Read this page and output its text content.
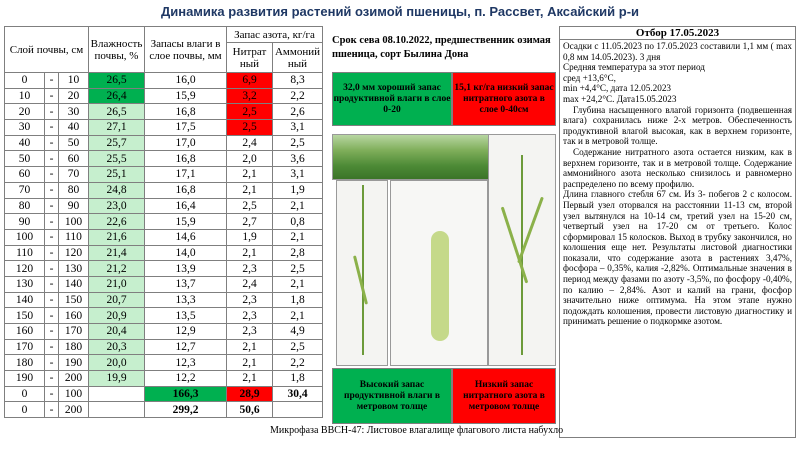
Динамика развития растений озимой пшеницы, п. Рассвет, Аксайский р-и
Слой почвы, см			Влажность почвы, %	Запасы влаги в слое почвы, мм	Запас азота, кг/га	
					Нитрат ный	Аммоний ный
0	-	10	26,5	16,0	6,9	8,3
10	-	20	26,4	15,9	3,2	2,2
20	-	30	26,5	16,8	2,5	2,6
30	-	40	27,1	17,5	2,5	3,1
40	-	50	25,7	17,0	2,4	2,5
50	-	60	25,5	16,8	2,0	3,6
60	-	70	25,1	17,1	2,1	3,1
70	-	80	24,8	16,8	2,1	1,9
80	-	90	23,0	16,4	2,5	2,1
90	-	100	22,6	15,9	2,7	0,8
100	-	110	21,6	14,6	1,9	2,1
110	-	120	21,4	14,0	2,1	2,8
120	-	130	21,2	13,9	2,3	2,5
130	-	140	21,0	13,7	2,4	2,1
140	-	150	20,7	13,3	2,3	1,8
150	-	160	20,9	13,5	2,3	2,1
160	-	170	20,4	12,9	2,3	4,9
170	-	180	20,3	12,7	2,1	2,5
180	-	190	20,0	12,3	2,1	2,2
190	-	200	19,9	12,2	2,1	1,8
0	-	100		166,3	28,9	30,4
0	-	200		299,2	50,6	
Срок сева 08.10.2022, предшественник озимая пшеница, сорт Былина Дона
32,0 мм хороший запас продуктивной влаги в слое 0-20
15,1 кг/га низкий запас нитратного азота в слое 0-40см
Высокий запас продуктивной влаги в метровом толще
Низкий запас нитратного азота в метровом толще
Отбор 17.05.2023

Осадки с 11.05.2023 по 17.05.2023 составили 1,1 мм ( max 0,8 мм 14.05.2023). 3 дня

Средняя температура за этот период

сред +13,6°С,

min +4,4°С, дата 12.05.2023

max +24,2°С. Дата15.05.2023

Глубина насыщенного влагой горизонта (подвешенная влага) сохранилась ниже 2-х метров. Обеспеченность продуктивной влагой высокая, как в верхнем горизонте, так и в метровой толще.

Содержание нитратного азота остается низким, как в верхнем горизонте, так и в метровой толще. Содержание аммонийного азота несколько снизилось и равномерно распределено по всему профилю.

Длина главного стебля 67 см. Из 3- побегов 2 с колосом. Первый узел оторвался на расстоянии 11-13 см, второй узел вытянулся на 10-14 см, третий узел на 15-20 см, четвертый узел на 17-20 см от третьего. Колос сформировал 15 колосков. Выход в трубку закончился, но колошения еще нет. Результаты листовой диагностики показали, что содержание азота в растениях 3,47%, фосфора – 0,35%, калия -2,82%. Оптимальные значения в период между фазами по азоту -3,5%, по фосфору -0,40%, по калию – 2,84%. Азот и калий на грани, фосфор значительно ниже оптимума. На этом этапе нужно подождать колошения, провести листовую диагностику и принимать решение о подкормке азотом.

Микрофаза ВВСН-47: Листовое влагалище флагового листа набухло
